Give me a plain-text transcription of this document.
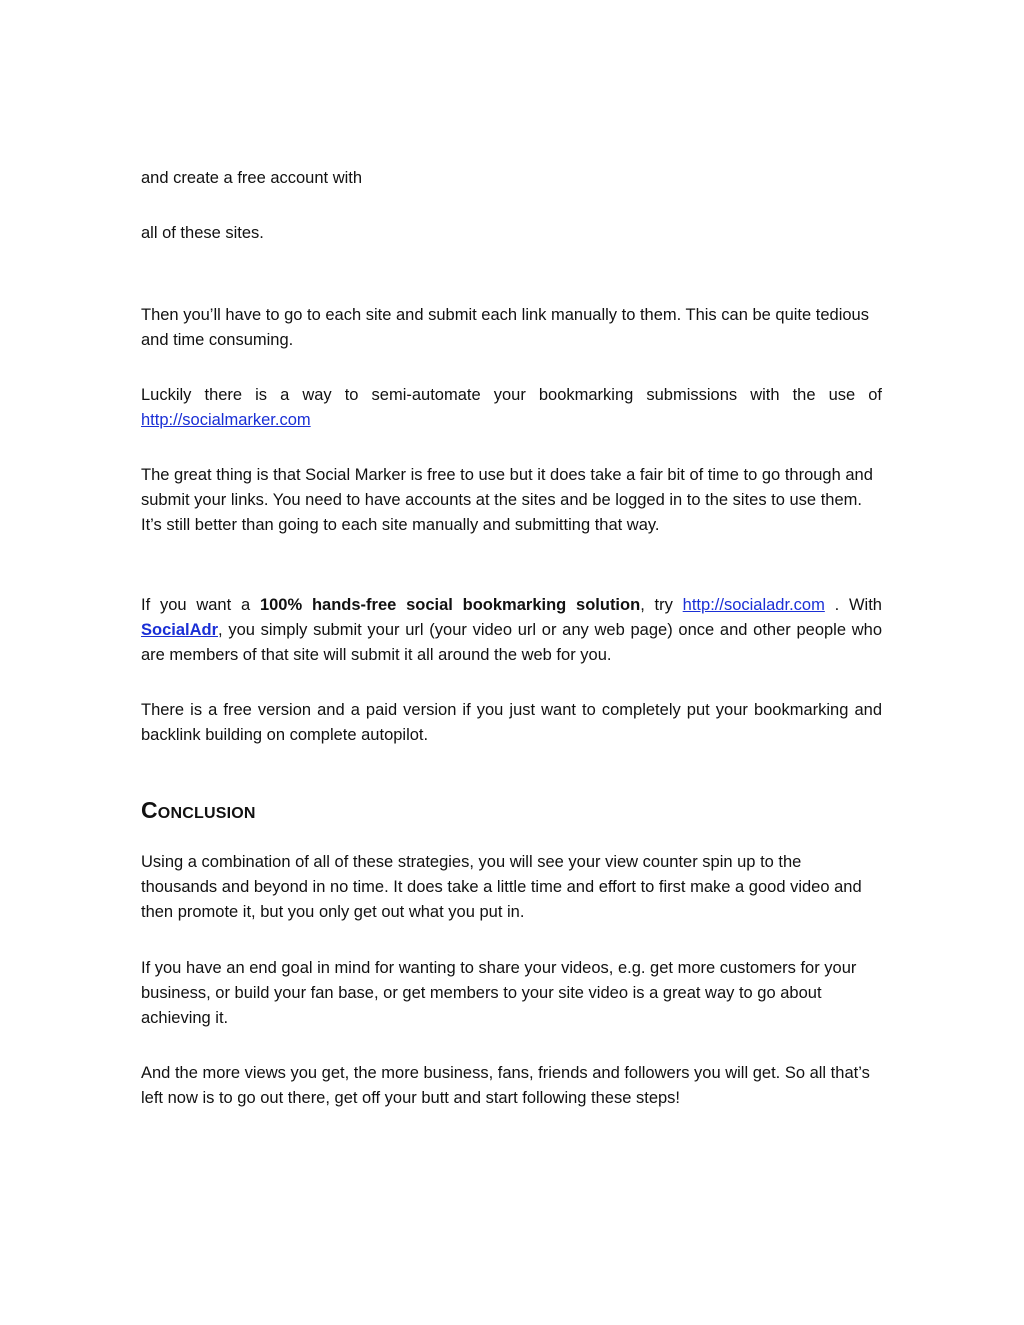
and create a free account with

all of these sites.

Then you’ll have to go to each site and submit each link manually to them. This can be quite tedious and time consuming.

Luckily there is a way to semi-automate your bookmarking submissions with the use of http://socialmarker.com

The great thing is that Social Marker is free to use but it does take a fair bit of time to go through and submit your links. You need to have accounts at the sites and be logged in to the sites to use them. It’s still better than going to each site manually and submitting that way.

If you want a 100% hands-free social bookmarking solution, try http://socialadr.com . With SocialAdr, you simply submit your url (your video url or any web page) once and other people who are members of that site will submit it all around the web for you.

There is a free version and a paid version if you just want to completely put your bookmarking and backlink building on complete autopilot.

Conclusion

Using a combination of all of these strategies, you will see your view counter spin up to the thousands and beyond in no time. It does take a little time and effort to first make a good video and then promote it, but you only get out what you put in.

If you have an end goal in mind for wanting to share your videos, e.g. get more customers for your business, or build your fan base, or get members to your site video is a great way to go about achieving it.

And the more views you get, the more business, fans, friends and followers you will get. So all that’s left now is to go out there, get off your butt and start following these steps!
